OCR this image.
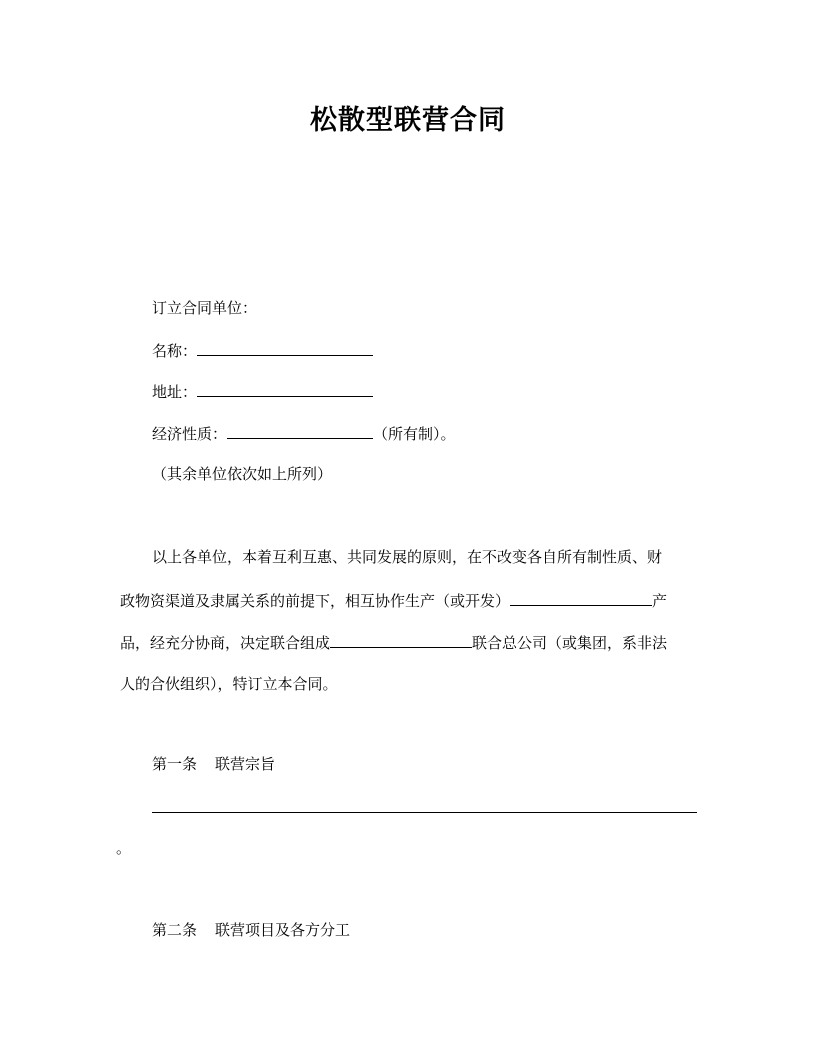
松散型联营合同
订立合同单位：
名称：
地址：
经济性质：	（所有制）。
（其余单位依次如上所列）
以上各单位，本着互利互惠、共同发展的原则，在不改变各自所有制性质、财
政物资渠道及隶属关系的前提下，相互协作生产（或开发）	产
品，经充分协商，决定联合组成	联合总公司（或集团，系非法
人的合伙组织），特订立本合同。
第一条 联营宗旨
。
第二条 联营项目及各方分工
